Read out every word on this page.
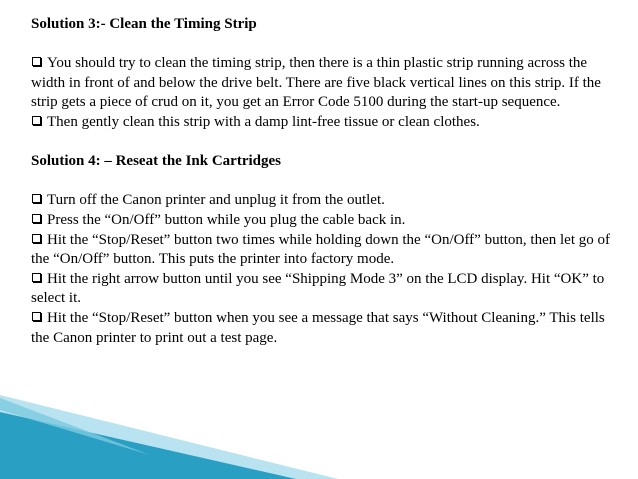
Solution 3:- Clean the Timing Strip

You should try to clean the timing strip, then there is a thin plastic strip running across the width in front of and below the drive belt. There are five black vertical lines on this strip. If the strip gets a piece of crud on it, you get an Error Code 5100 during the start-up sequence.

Then gently clean this strip with a damp lint-free tissue or clean clothes.

Solution 4: – Reseat the Ink Cartridges

Turn off the Canon printer and unplug it from the outlet.

Press the “On/Off” button while you plug the cable back in.

Hit the “Stop/Reset” button two times while holding down the “On/Off” button, then let go of the “On/Off” button. This puts the printer into factory mode.

Hit the right arrow button until you see “Shipping Mode 3” on the LCD display. Hit “OK” to select it.

Hit the “Stop/Reset” button when you see a message that says “Without Cleaning.” This tells the Canon printer to print out a test page.
